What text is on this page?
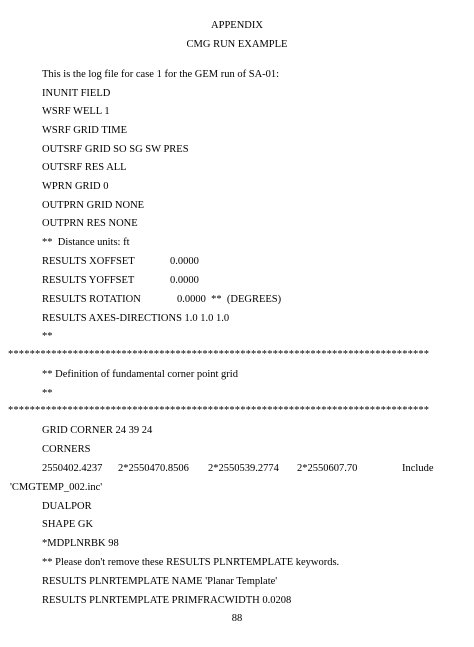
APPENDIX
CMG RUN EXAMPLE
This is the log file for case 1 for the GEM run of SA-01:
INUNIT FIELD
WSRF WELL 1
WSRF GRID TIME
OUTSRF GRID SO SG SW PRES
OUTSRF RES ALL
WPRN GRID 0
OUTPRN GRID NONE
OUTPRN RES NONE
**  Distance units: ft
RESULTS XOFFSET	0.0000
RESULTS YOFFSET	0.0000
RESULTS ROTATION	0.0000  **  (DEGREES)
RESULTS AXES-DIRECTIONS 1.0 1.0 1.0
**
******************************************************************************
** Definition of fundamental corner point grid
**
******************************************************************************
GRID CORNER 24 39 24
CORNERS
2550402.4237 2*2550470.8506 2*2550539.2774 2*2550607.70	Include
'CMGTEMP_002.inc'
DUALPOR
SHAPE GK
*MDPLNRBK 98
** Please don't remove these RESULTS PLNRTEMPLATE keywords.
RESULTS PLNRTEMPLATE NAME 'Planar Template'
RESULTS PLNRTEMPLATE PRIMFRACWIDTH 0.0208
88
